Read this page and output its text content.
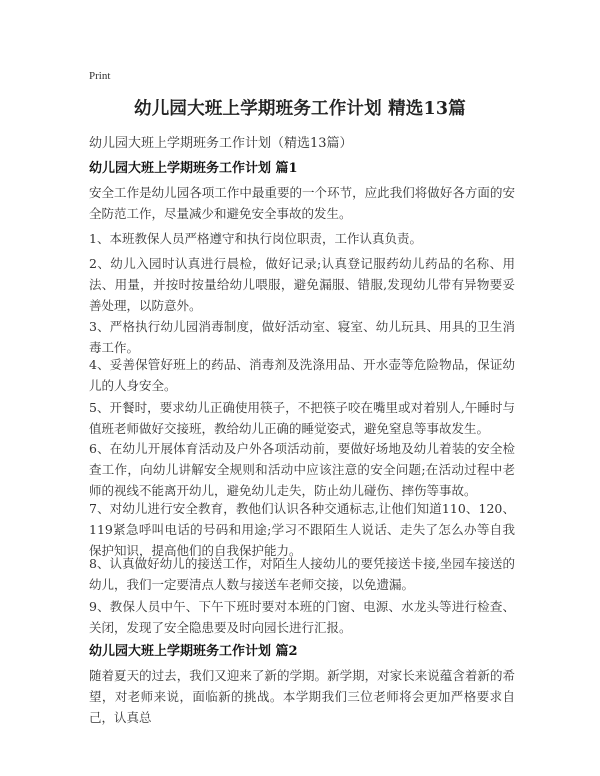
Print
幼儿园大班上学期班务工作计划 精选13篇
幼儿园大班上学期班务工作计划（精选13篇）
幼儿园大班上学期班务工作计划 篇1
安全工作是幼儿园各项工作中最重要的一个环节，应此我们将做好各方面的安全防范工作，尽量减少和避免安全事故的发生。
1、本班教保人员严格遵守和执行岗位职责，工作认真负责。
2、幼儿入园时认真进行晨检，做好记录;认真登记服药幼儿药品的名称、用法、用量，并按时按量给幼儿喂服，避免漏服、错服,发现幼儿带有异物要妥善处理，以防意外。
3、严格执行幼儿园消毒制度，做好活动室、寝室、幼儿玩具、用具的卫生消毒工作。
4、妥善保管好班上的药品、消毒剂及洗涤用品、开水壶等危险物品，保证幼儿的人身安全。
5、开餐时，要求幼儿正确使用筷子，不把筷子咬在嘴里或对着别人,午睡时与值班老师做好交接班，教给幼儿正确的睡觉姿式，避免窒息等事故发生。
6、在幼儿开展体育活动及户外各项活动前，要做好场地及幼儿着装的安全检查工作，向幼儿讲解安全规则和活动中应该注意的安全问题;在活动过程中老师的视线不能离开幼儿，避免幼儿走失，防止幼儿碰伤、摔伤等事故。
7、对幼儿进行安全教育，教他们认识各种交通标志,让他们知道110、120、119紧急呼叫电话的号码和用途;学习不跟陌生人说话、走失了怎么办等自我保护知识，提高他们的自我保护能力。
8、认真做好幼儿的接送工作，对陌生人接幼儿的要凭接送卡接,坐园车接送的幼儿，我们一定要清点人数与接送车老师交接，以免遗漏。
9、教保人员中午、下午下班时要对本班的门窗、电源、水龙头等进行检查、关闭，发现了安全隐患要及时向园长进行汇报。
幼儿园大班上学期班务工作计划 篇2
随着夏天的过去，我们又迎来了新的学期。新学期，对家长来说蕴含着新的希望，对老师来说，面临新的挑战。本学期我们三位老师将会更加严格要求自己，认真总
